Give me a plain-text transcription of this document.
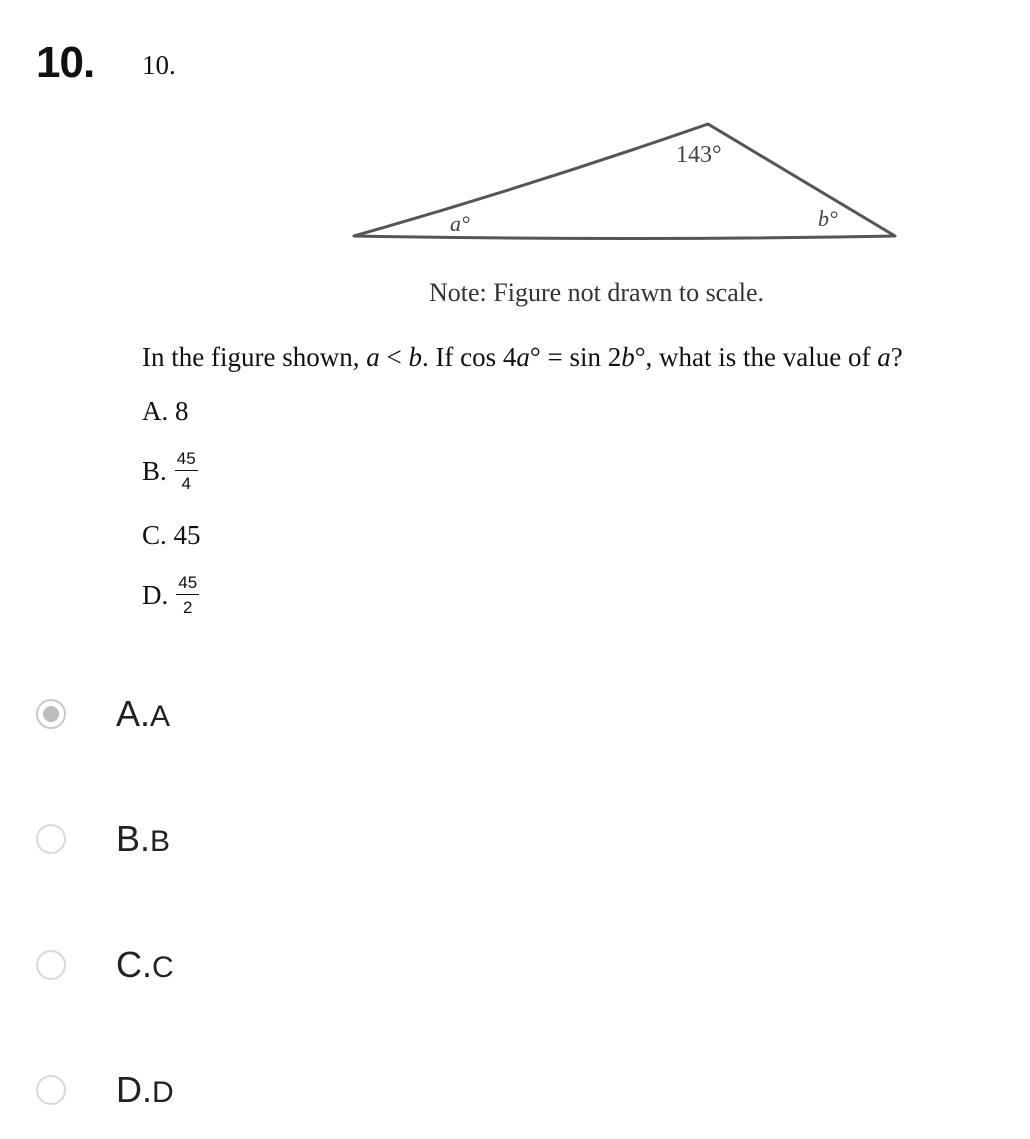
10. 10.
143°
a°	b°
Note: Figure not drawn to scale.
In the figure shown, a < b. If cos 4a° = sin 2b°, what is the value of a?
A.
8
B. $\frac{45}{4}$
C.
45
D. $\frac{45}{2}$
A.A
B.B
C.C
D.D
